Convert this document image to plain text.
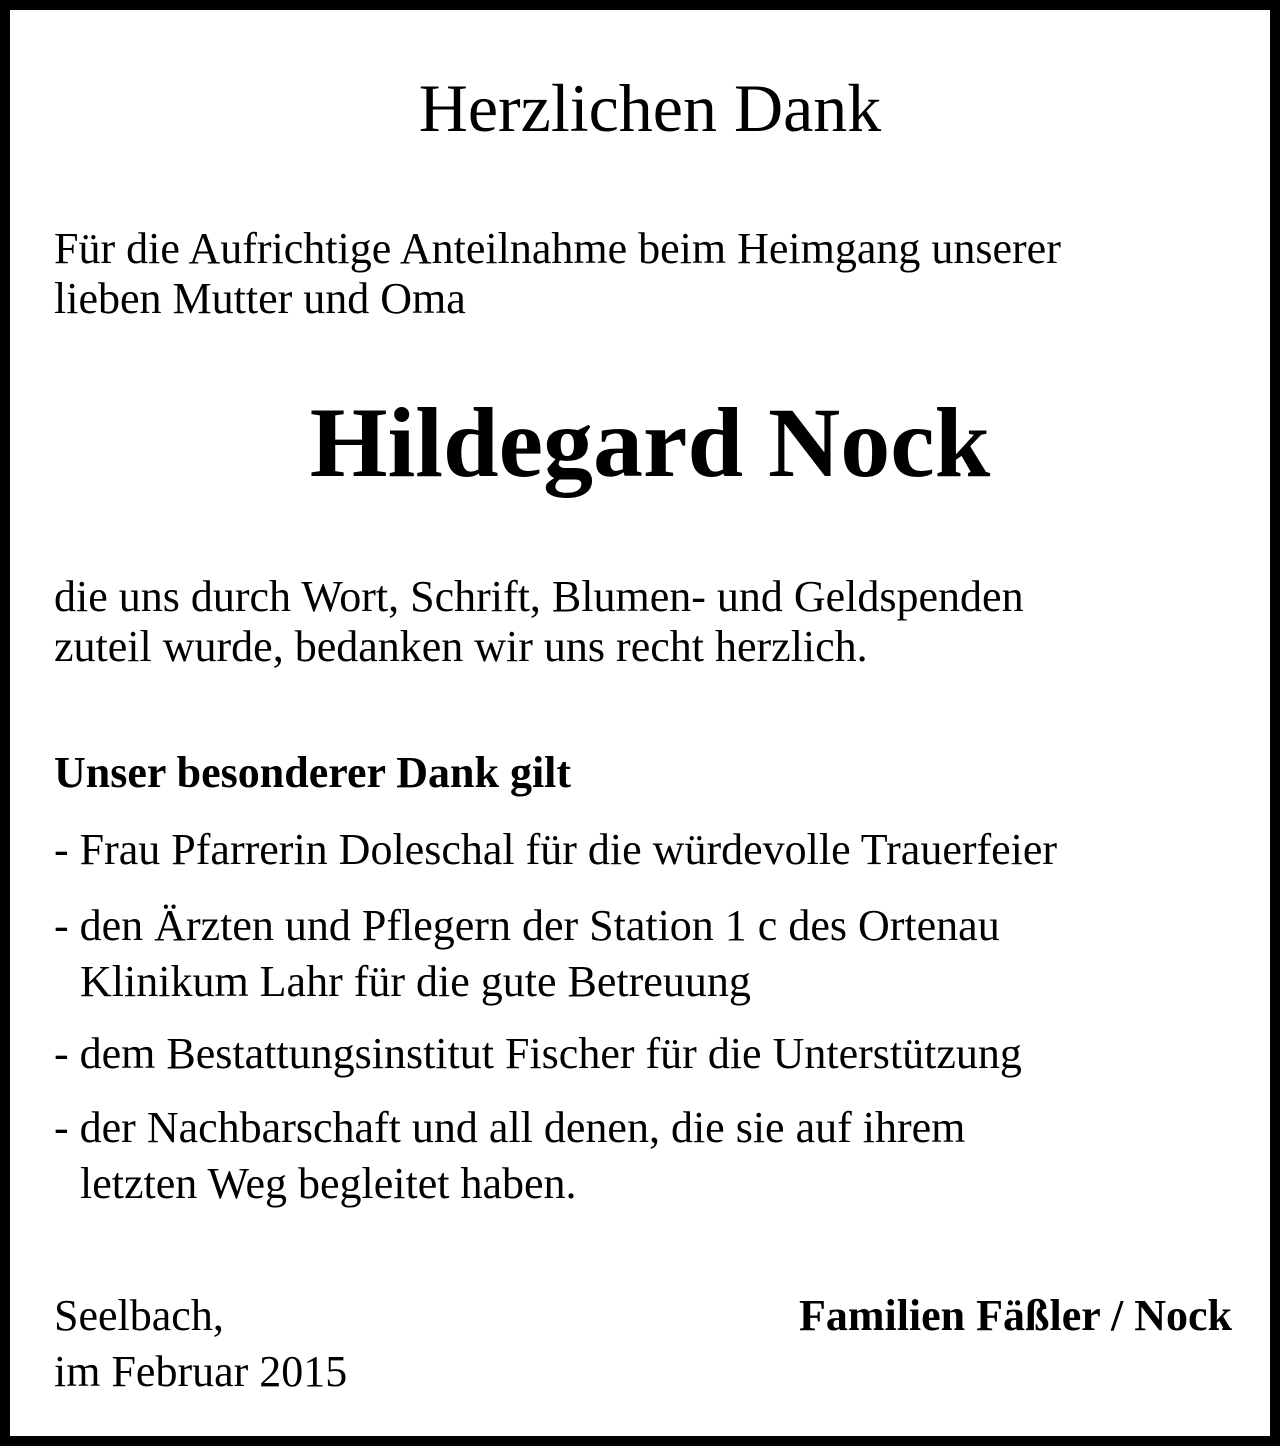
Herzlichen Dank
Für die Aufrichtige Anteilnahme beim Heimgang unserer
lieben Mutter und Oma
Hildegard Nock
die uns durch Wort, Schrift, Blumen- und Geldspenden
zuteil wurde, bedanken wir uns recht herzlich.
Unser besonderer Dank gilt
- Frau Pfarrerin Doleschal für die würdevolle Trauerfeier
- den Ärzten und Pflegern der Station 1 c des Ortenau
Klinikum Lahr für die gute Betreuung
- dem Bestattungsinstitut Fischer für die Unterstützung
- der Nachbarschaft und all denen, die sie auf ihrem
letzten Weg begleitet haben.
Seelbach,
im Februar 2015
Familien Fäßler / Nock
